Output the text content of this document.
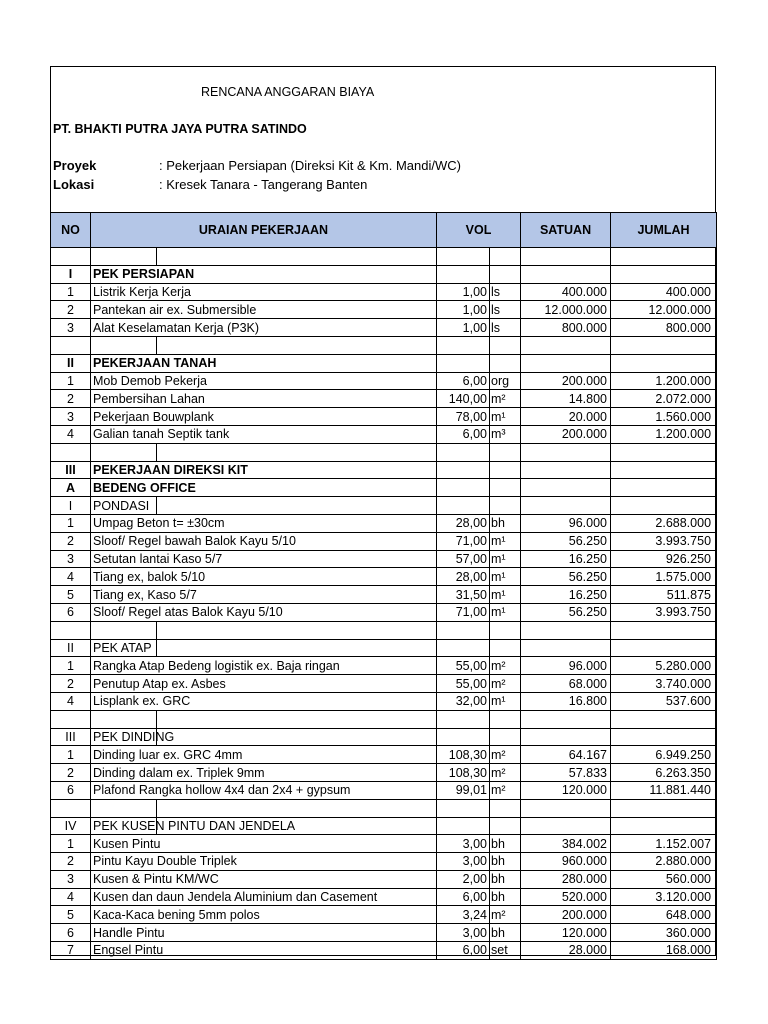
RENCANA ANGGARAN BIAYA
PT. BHAKTI PUTRA JAYA PUTRA SATINDO
Proyek	: Pekerjaan Persiapan (Direksi Kit & Km. Mandi/WC)
Lokasi	: Kresek Tanara - Tangerang Banten
NO	URAIAN PEKERJAAN		VOL		SATUAN	JUMLAH

I	PEK PERSIAPAN					
1	Listrik Kerja Kerja		1,00	ls	400.000	400.000
2	Pantekan air ex. Submersible		1,00	ls	12.000.000	12.000.000
3	Alat Keselamatan Kerja (P3K)		1,00	ls	800.000	800.000

II	PEKERJAAN TANAH					
1	Mob Demob Pekerja		6,00	org	200.000	1.200.000
2	Pembersihan Lahan		140,00	m²	14.800	2.072.000
3	Pekerjaan Bouwplank		78,00	m¹	20.000	1.560.000
4	Galian tanah Septik tank		6,00	m³	200.000	1.200.000

III	PEKERJAAN DIREKSI KIT					
A	BEDENG OFFICE					
I	PONDASI					
1	Umpag Beton t= ±30cm		28,00	bh	96.000	2.688.000
2	Sloof/ Regel bawah Balok Kayu 5/10		71,00	m¹	56.250	3.993.750
3	Setutan lantai Kaso 5/7		57,00	m¹	16.250	926.250
4	Tiang ex, balok 5/10		28,00	m¹	56.250	1.575.000
5	Tiang ex, Kaso 5/7		31,50	m¹	16.250	511.875
6	Sloof/ Regel atas Balok Kayu 5/10		71,00	m¹	56.250	3.993.750

II	PEK ATAP					
1	Rangka Atap Bedeng logistik ex. Baja ringan		55,00	m²	96.000	5.280.000
2	Penutup Atap ex. Asbes		55,00	m²	68.000	3.740.000
4	Lisplank ex. GRC		32,00	m¹	16.800	537.600

III	PEK DINDING					
1	Dinding luar ex. GRC 4mm		108,30	m²	64.167	6.949.250
2	Dinding dalam ex. Triplek 9mm		108,30	m²	57.833	6.263.350
6	Plafond Rangka hollow 4x4 dan 2x4 + gypsum		99,01	m²	120.000	11.881.440

IV	PEK KUSEN PINTU DAN JENDELA					
1	Kusen Pintu		3,00	bh	384.002	1.152.007
2	Pintu Kayu Double Triplek		3,00	bh	960.000	2.880.000
3	Kusen & Pintu KM/WC		2,00	bh	280.000	560.000
4	Kusen dan daun Jendela Aluminium dan Casement		6,00	bh	520.000	3.120.000
5	Kaca-Kaca bening 5mm polos		3,24	m²	200.000	648.000
6	Handle Pintu		3,00	bh	120.000	360.000
7	Engsel Pintu		6,00	set	28.000	168.000
